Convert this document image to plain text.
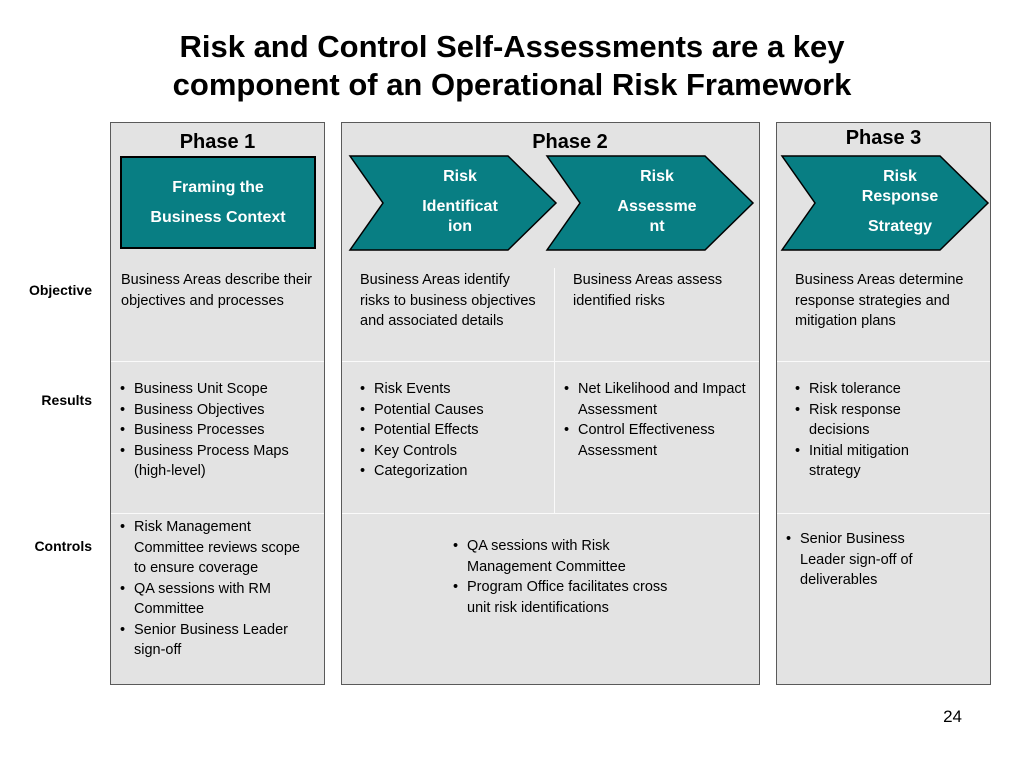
Risk and Control Self-Assessments are a key
component of an Operational Risk Framework
Phase 1	Phase 2	Phase 3
Framing the
Business Context
Risk
Identificat
ion
Risk
Assessme
nt
Risk
Response
Strategy
Objective
Results
Controls

Business Areas describe their objectives and processes

Business Areas identify risks to business objectives and associated details

Business Areas assess identified risks

Business Areas determine response strategies and mitigation plans

• Business Unit Scope
• Business Objectives
• Business Processes
• Business Process Maps (high-level)
• Risk Events
• Potential Causes
• Potential Effects
• Key Controls
• Categorization
• Net Likelihood and Impact Assessment
• Control Effectiveness Assessment
• Risk tolerance
• Risk response decisions
• Initial mitigation strategy
• Risk Management Committee reviews scope to ensure coverage
• QA sessions with RM Committee
• Senior Business Leader sign-off
• QA sessions with Risk Management Committee
• Program Office facilitates cross unit risk identifications
• Senior Business Leader sign-off of deliverables
24
